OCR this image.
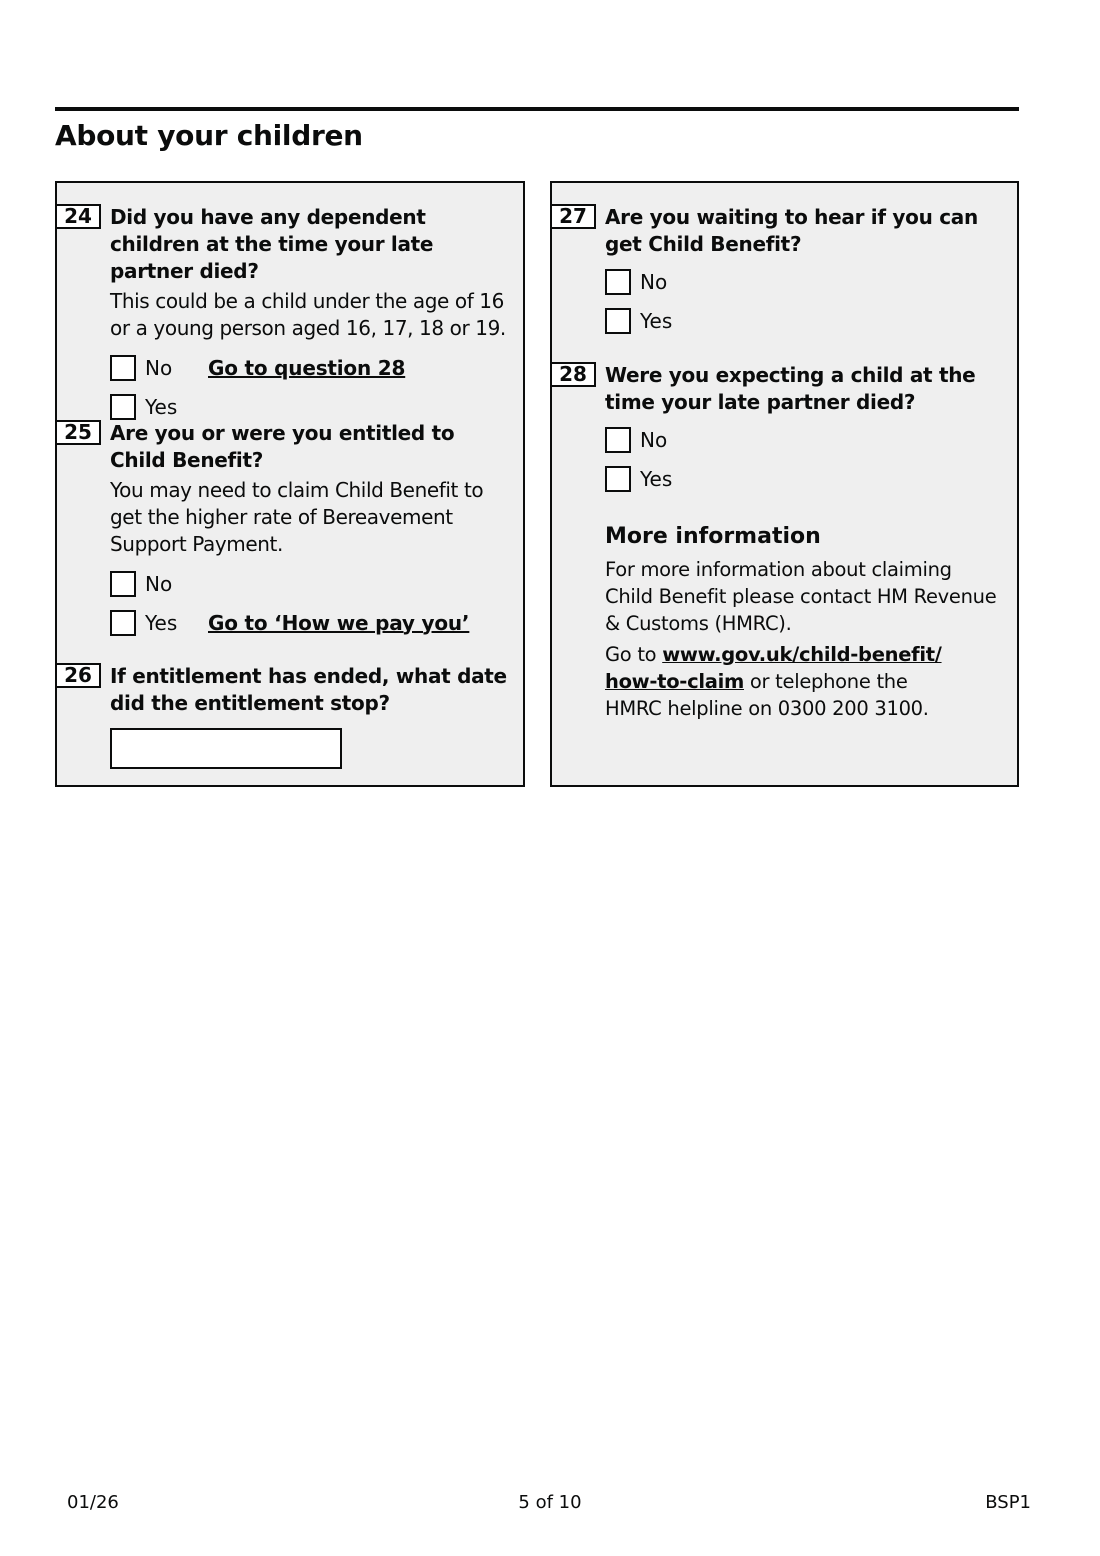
About your children
24 Did you have any dependent children at the time your late partner died?
This could be a child under the age of 16 or a young person aged 16, 17, 18 or 19.
No	Go to question 28
Yes
25 Are you or were you entitled to Child Benefit?
You may need to claim Child Benefit to get the higher rate of Bereavement Support Payment.
No
Yes	Go to ‘How we pay you’
26 If entitlement has ended, what date did the entitlement stop?
27 Are you waiting to hear if you can get Child Benefit?
No
Yes
28 Were you expecting a child at the time your late partner died?
No
Yes
More information
For more information about claiming Child Benefit please contact HM Revenue & Customs (HMRC).
Go to www.gov.uk/child-benefit/
how-to-claim or telephone the
HMRC helpline on 0300 200 3100.
01/26	5 of 10	BSP1
